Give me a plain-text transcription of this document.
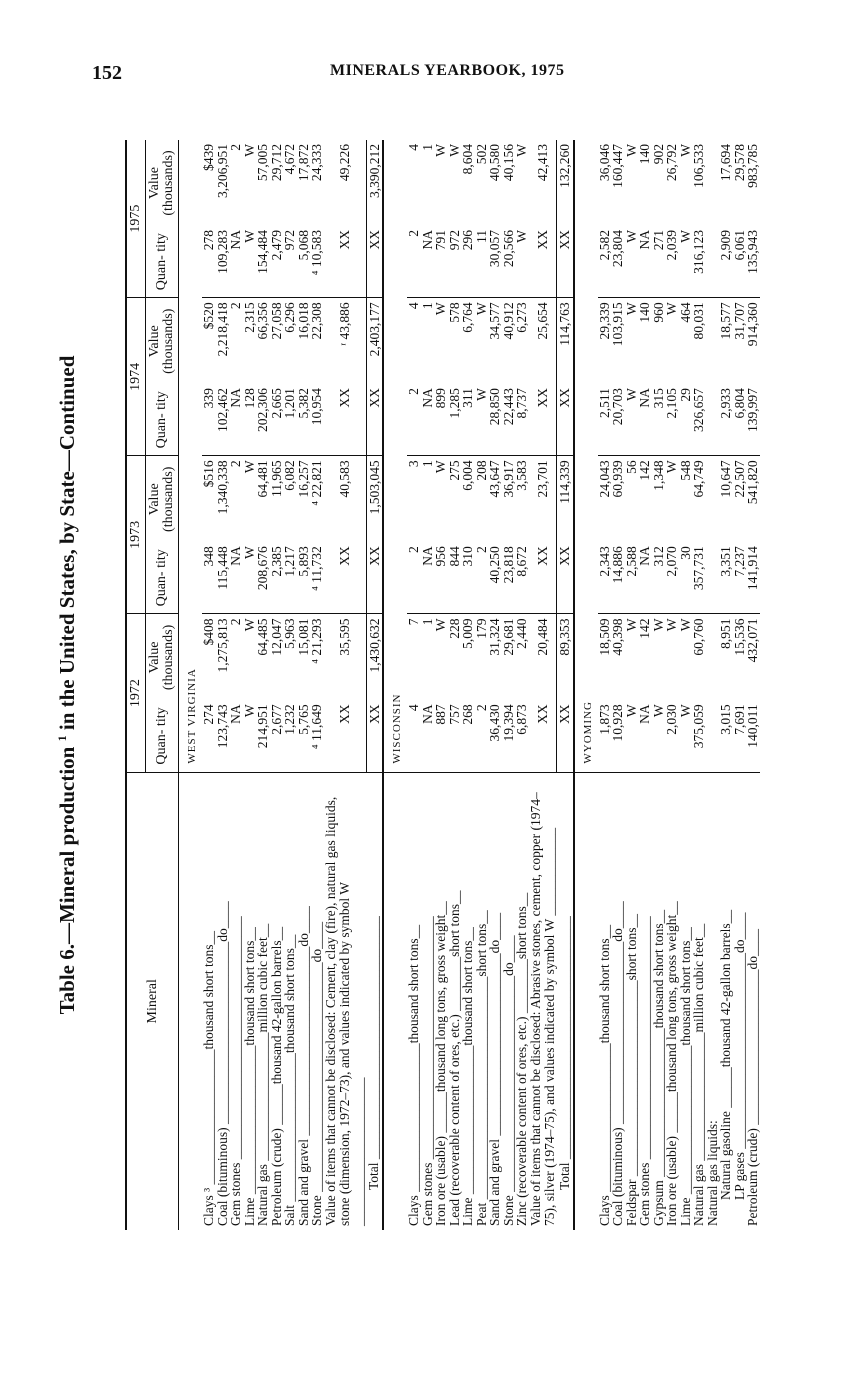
152	MINERALS YEARBOOK, 1975
Table 6.—Mineral production $^1$ in the United States, by State—Continued
Mineral	1972		1973		1974		1975	
	Quan- tity	Value (thousands)	Quan- tity	Value (thousands)	Quan- tity	Value (thousands)	Quan- tity	Value (thousands)
	WEST VIRGINIA							
Clays ³ ____________________thousand short tons__	274	$408	348	$516	339	$520	278	$439
Coal (bituminous) ___________________________do____	123,743	1,275,813	115,448	1,340,338	102,462	2,218,418	109,283	3,206,951
Gem stones ____________________________________	NA	2	NA	2	NA	2	NA	2
Lime ______________________thousand short tons__	W	W	W	W	128	2,315	W	W
Natural gas ___________________million cubic feet__	214,951	64,485	208,676	64,481	202,306	66,356	154,484	57,005
Petroleum (crude) ______thousand 42-gallon barrels__	2,677	12,047	2,385	11,965	2,665	27,058	2,479	29,712
Salt ______________________thousand short tons__	1,232	5,963	1,217	6,082	1,201	6,296	972	4,672
Sand and gravel ____________________________do____	5,765	15,081	5,893	16,257	5,382	16,018	5,068	17,872
Stone __________________________________do____	⁴ 11,649	⁴ 21,293	⁴ 11,732	⁴ 22,821	10,954	22,308	⁴ 10,583	24,333
Value of items that cannot be disclosed: Cement, clay (fire), natural gas liquids, stone (dimension, 1972–73), and values indicated by symbol W ______________________	XX	35,595	XX	40,583	XX	ʳ 43,886	XX	49,226
Total ____________________________________	XX	1,430,632	XX	1,503,045	XX	2,403,177	XX	3,390,212
	WISCONSIN							
Clays ______________________thousand short tons__	4	7	2	3	2	4	2	4
Gem stones ____________________________________	NA	1	NA	1	NA	1	NA	1
Iron ore (usable) ______thousand long tons, gross weight__	887	W	956	W	899	W	791	W
Lead (recoverable content of ores, etc.) ________short tons__	757	228	844	275	1,285	578	972	W
Lime ______________________thousand short tons__	268	5,009	310	6,004	311	6,764	296	8,604
Peat _________________________________short tons__	2	179	2	208	W	W	11	502
Sand and gravel ___________________________do____	36,430	31,324	40,250	43,647	28,850	34,577	30,057	40,580
Stone ________________________________do____	19,394	29,681	23,818	36,917	22,443	40,912	20,566	40,156
Zinc (recoverable content of ores, etc.) ________short tons__	6,873	2,440	8,672	3,583	8,737	6,273	W	W
Value of items that cannot be disclosed: Abrasive stones, cement, copper (1974–75), silver (1974–75), and values indicated by symbol W _____________	XX	20,484	XX	23,701	XX	25,654	XX	42,413
Total ____________________________________	XX	89,353	XX	114,339	XX	114,763	XX	132,260
	WYOMING							
Clays ______________________thousand short tons__	1,873	18,509	2,343	24,043	2,511	29,339	2,582	36,046
Coal (bituminous) ___________________________do____	10,928	40,398	14,886	60,939	20,703	103,915	23,804	160,447
Feldspar _____________________________short tons__	W	W	2,588	56	W	W	W	W
Gem stones ____________________________________	NA	142	NA	142	NA	140	NA	140
Gypsum ______________________thousand short tons__	W	W	312	1,348	315	960	271	902
Iron ore (usable) ______thousand long tons, gross weight__	2,030	W	2,070	W	2,105	W	2,039	26,792
Lime ______________________thousand short tons__	W	W	30	548	29	464	W	W
Natural gas ___________________million cubic feet__	375,059	60,760	357,731	64,749	326,657	80,031	316,123	106,533
Natural gas liquids:								
Natural gasoline ______thousand 42-gallon barrels__	3,015	8,951	3,351	10,647	2,933	18,577	2,909	17,694
LP gases _____________________________do____	7,691	15,536	7,237	22,507	6,804	31,707	6,061	29,578
Petroleum (crude) _______________________do____	140,011	432,071	141,914	541,820	139,997	914,360	135,943	983,785
